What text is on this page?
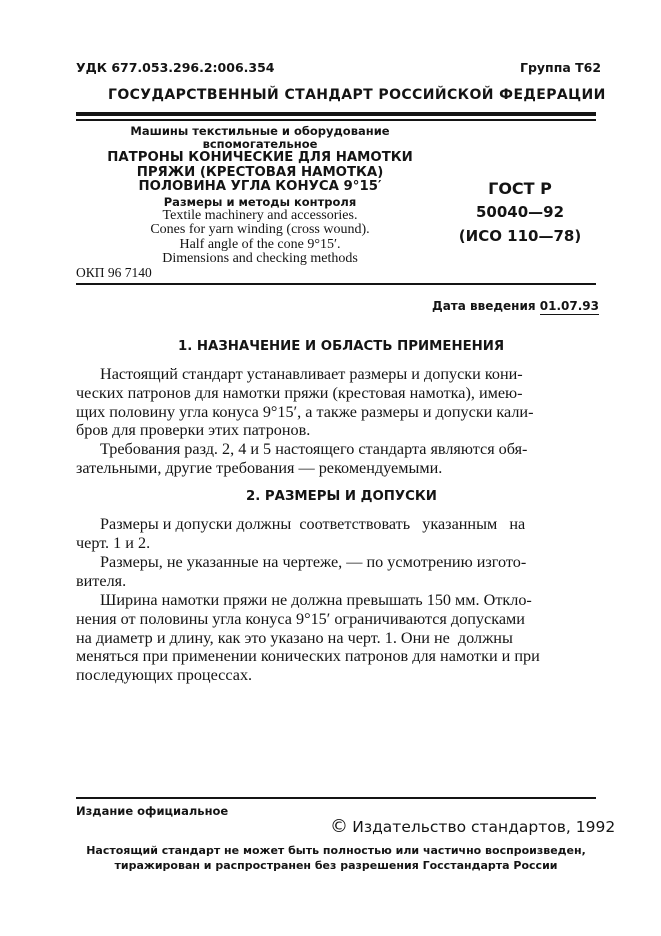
УДК 677.053.296.2:006.354	Группа Т62
ГОСУДАРСТВЕННЫЙ СТАНДАРТ РОССИЙСКОЙ ФЕДЕРАЦИИ
Машины текстильные и оборудование
вспомогательное
ПАТРОНЫ КОНИЧЕСКИЕ ДЛЯ НАМОТКИ
ПРЯЖИ (КРЕСТОВАЯ НАМОТКА)
ПОЛОВИНА УГЛА КОНУСА 9°15′
Размеры и методы контроля
Textile machinery and accessories.
Cones for yarn winding (cross wound).
Half angle of the cone 9°15′.
Dimensions and checking methods
ОКП 96 7140
ГОСТ Р
50040—92
(ИСО 110—78)
Дата введения 01.07.93
1. НАЗНАЧЕНИЕ И ОБЛАСТЬ ПРИМЕНЕНИЯ
Настоящий стандарт устанавливает размеры и допуски кони-
ческих патронов для намотки пряжи (крестовая намотка), имею-
щих половину угла конуса 9°15′, а также размеры и допуски кали-
бров для проверки этих патронов.
Требования разд. 2, 4 и 5 настоящего стандарта являются обя-
зательными, другие требования — рекомендуемыми.
2. РАЗМЕРЫ И ДОПУСКИ
Размеры и допуски должны  соответствовать   указанным   на
черт. 1 и 2.
Размеры, не указанные на чертеже, — по усмотрению изгото-
вителя.
Ширина намотки пряжи не должна превышать 150 мм. Откло-
нения от половины угла конуса 9°15′ ограничиваются допусками
на диаметр и длину, как это указано на черт. 1. Они не  должны
меняться при применении конических патронов для намотки и при
последующих процессах.
Издание официальное
© Издательство стандартов, 1992
Настоящий стандарт не может быть полностью или частично воспроизведен,
тиражирован и распространен без разрешения Госстандарта России
